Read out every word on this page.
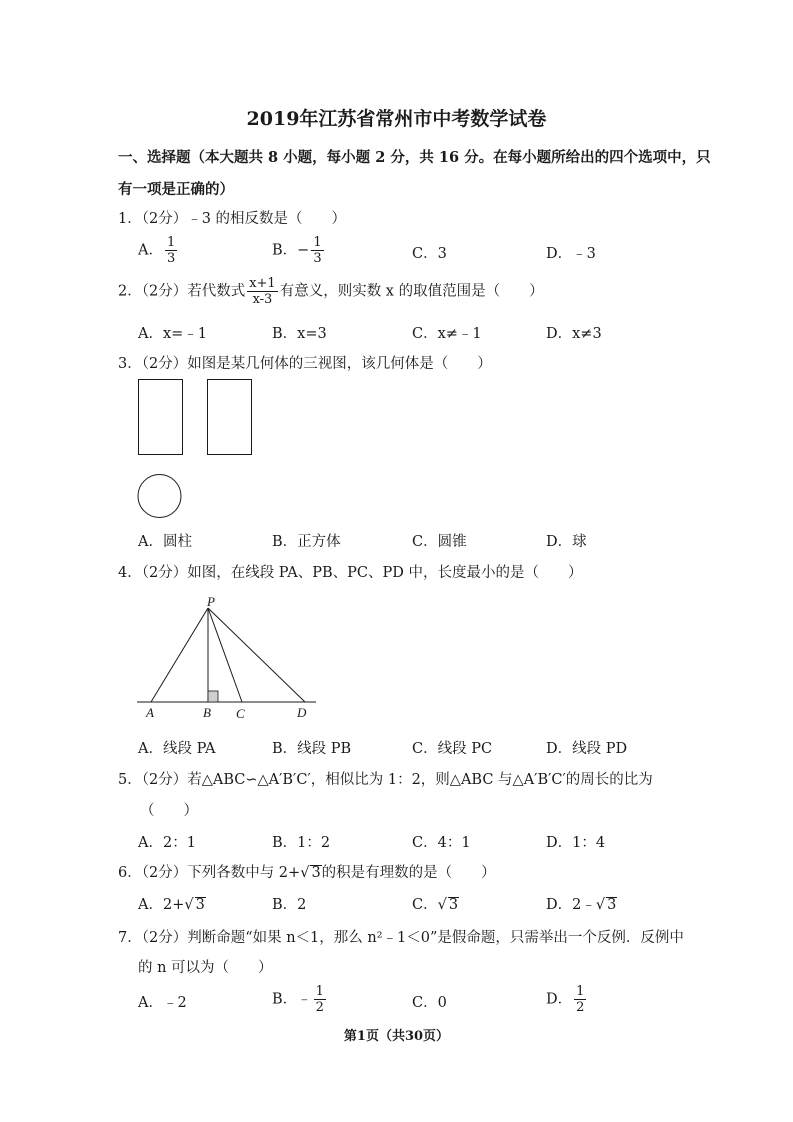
2019年江苏省常州市中考数学试卷
一、选择题（本大题共 8 小题，每小题 2 分，共 16 分。在每小题所给出的四个选项中，只
有一项是正确的）
1．（2分）﹣3 的相反数是（　　）
A． $\frac{1}{3}$	B．− $\frac{1}{3}$	C．3	D．﹣3
2．（2分）若代数式 $\frac{x+1}{x-3}$ 有意义，则实数 x 的取值范围是（　　）
A．x=﹣1	B．x=3	C．x≠﹣1	D．x≠3
3．（2分）如图是某几何体的三视图，该几何体是（　　）
A．圆柱	B．正方体	C．圆锥	D．球
4．（2分）如图，在线段 PA、PB、PC、PD 中，长度最小的是（　　）
P
A	B C	D
A．线段 PA	B．线段 PB	C．线段 PC	D．线段 PD
5．（2分）若△ABC∽△A′B′C′，相似比为 1：2，则△ABC 与△A′B′C′的周长的比为
（　　）
A．2：1	B．1：2	C．4：1	D．1：4
6．（2分）下列各数中与 2+√ 3的积是有理数的是（　　）
A．2+√ 3	B．2	C．√ 3	D．2﹣√ 3
7．（2分）判断命题“如果 n＜1，那么 n²﹣1＜0”是假命题，只需举出一个反例．反例中
的 n 可以为（　　）
A．﹣2	B．﹣ $\frac{1}{2}$	C．0	D． $\frac{1}{2}$
第1页（共30页）
